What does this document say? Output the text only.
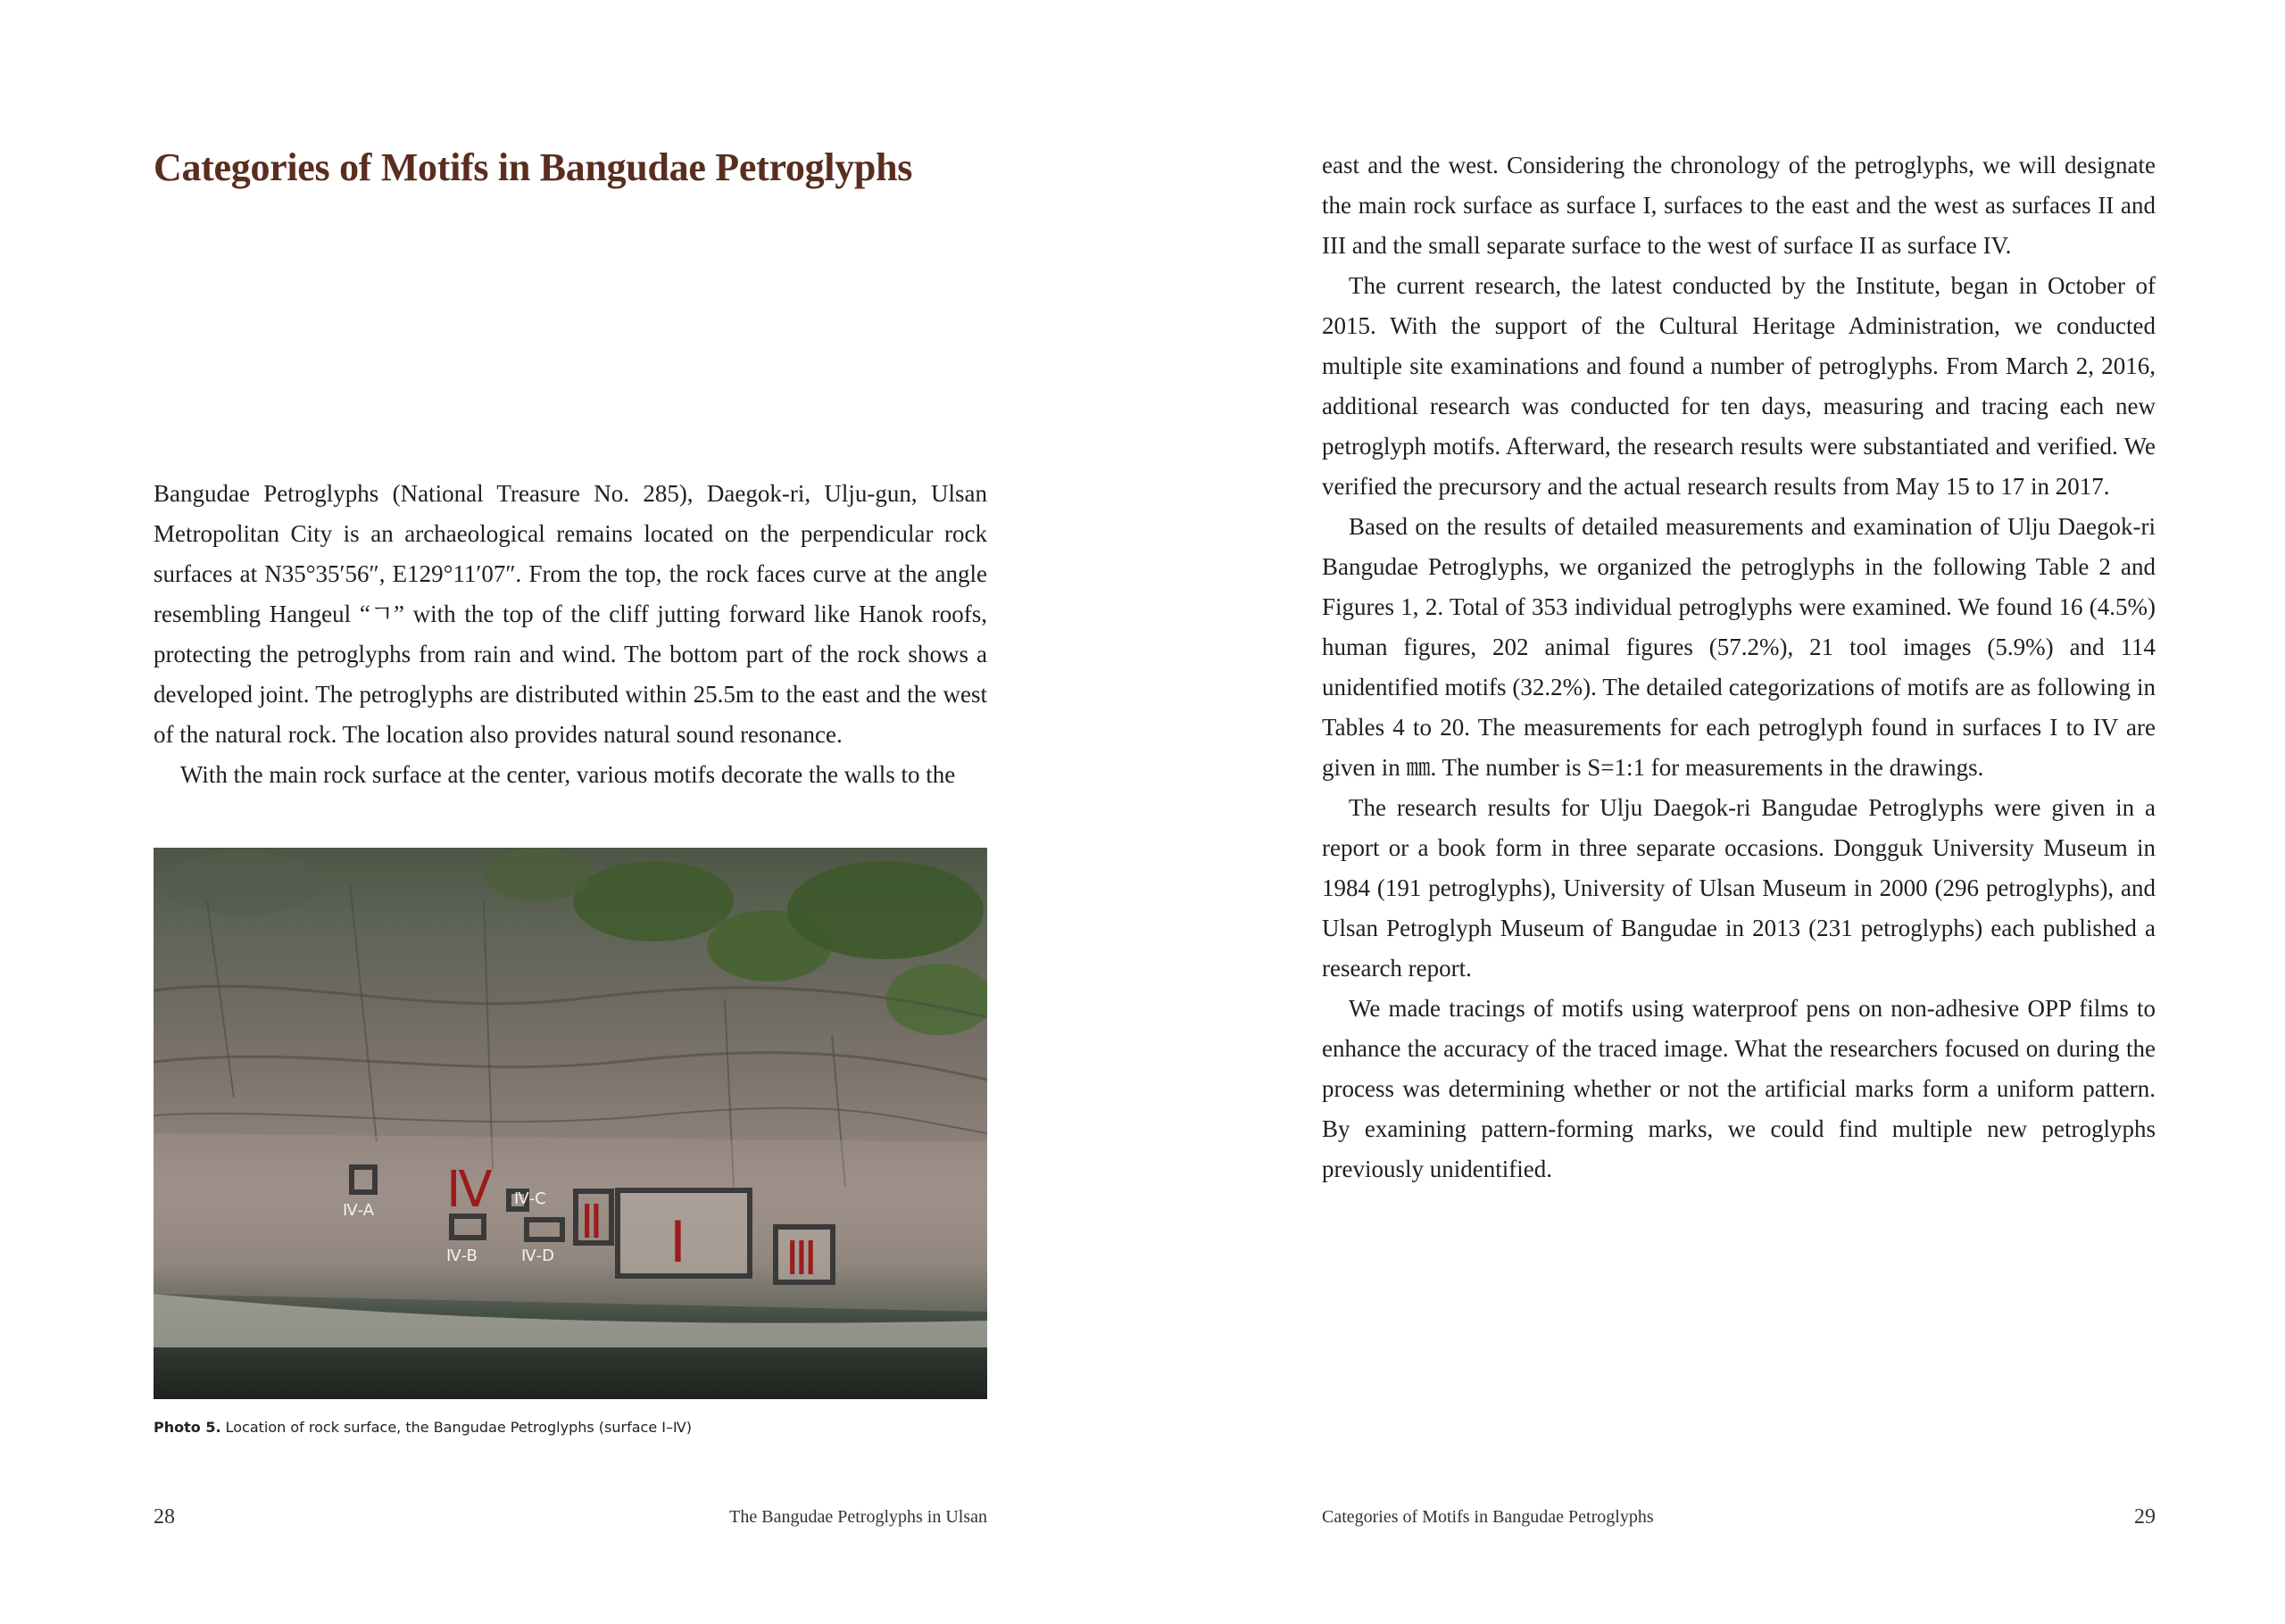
Categories of Motifs in Bangudae Petroglyphs

Bangudae Petroglyphs (National Treasure No. 285), Daegok-ri, Ulju-gun, Ulsan Metropolitan City is an archaeological remains located on the perpendicular rock surfaces at N35°35′56″, E129°11′07″. From the top, the rock faces curve at the angle resembling Hangeul “ㄱ” with the top of the cliff jutting forward like Hanok roofs, protecting the petroglyphs from rain and wind. The bottom part of the rock shows a developed joint. The petroglyphs are distributed within 25.5m to the east and the west of the natural rock. The location also provides natural sound resonance.

With the main rock surface at the center, various motifs decorate the walls to the

Ⅳ
Ⅱ Ⅰ Ⅲ
Ⅳ-A
Ⅳ-B
Ⅳ-C
Ⅳ-D
Photo 5. Location of rock surface, the Bangudae Petroglyphs (surface Ⅰ–Ⅳ)
28	The Bangudae Petroglyphs in Ulsan

east and the west. Considering the chronology of the petroglyphs, we will designate the main rock surface as surface I, surfaces to the east and the west as surfaces II and III and the small separate surface to the west of surface II as surface IV.

The current research, the latest conducted by the Institute, began in October of 2015. With the support of the Cultural Heritage Administration, we conducted multiple site examinations and found a number of petroglyphs. From March 2, 2016, additional research was conducted for ten days, measuring and tracing each new petroglyph motifs. Afterward, the research results were substantiated and verified. We verified the precursory and the actual research results from May 15 to 17 in 2017.

Based on the results of detailed measurements and examination of Ulju Daegok-ri Bangudae Petroglyphs, we organized the petroglyphs in the following Table 2 and Figures 1, 2. Total of 353 individual petroglyphs were examined. We found 16 (4.5%) human figures, 202 animal figures (57.2%), 21 tool images (5.9%) and 114 unidentified motifs (32.2%). The detailed categorizations of motifs are as following in Tables 4 to 20. The measurements for each petroglyph found in surfaces I to IV are given in ㎜. The number is S=1:1 for measurements in the drawings.

The research results for Ulju Daegok-ri Bangudae Petroglyphs were given in a report or a book form in three separate occasions. Dongguk University Museum in 1984 (191 petroglyphs), University of Ulsan Museum in 2000 (296 petroglyphs), and Ulsan Petroglyph Museum of Bangudae in 2013 (231 petroglyphs) each published a research report.

We made tracings of motifs using waterproof pens on non-adhesive OPP films to enhance the accuracy of the traced image. What the researchers focused on during the process was determining whether or not the artificial marks form a uniform pattern. By examining pattern-forming marks, we could find multiple new petroglyphs previously unidentified.

Categories of Motifs in Bangudae Petroglyphs	29
